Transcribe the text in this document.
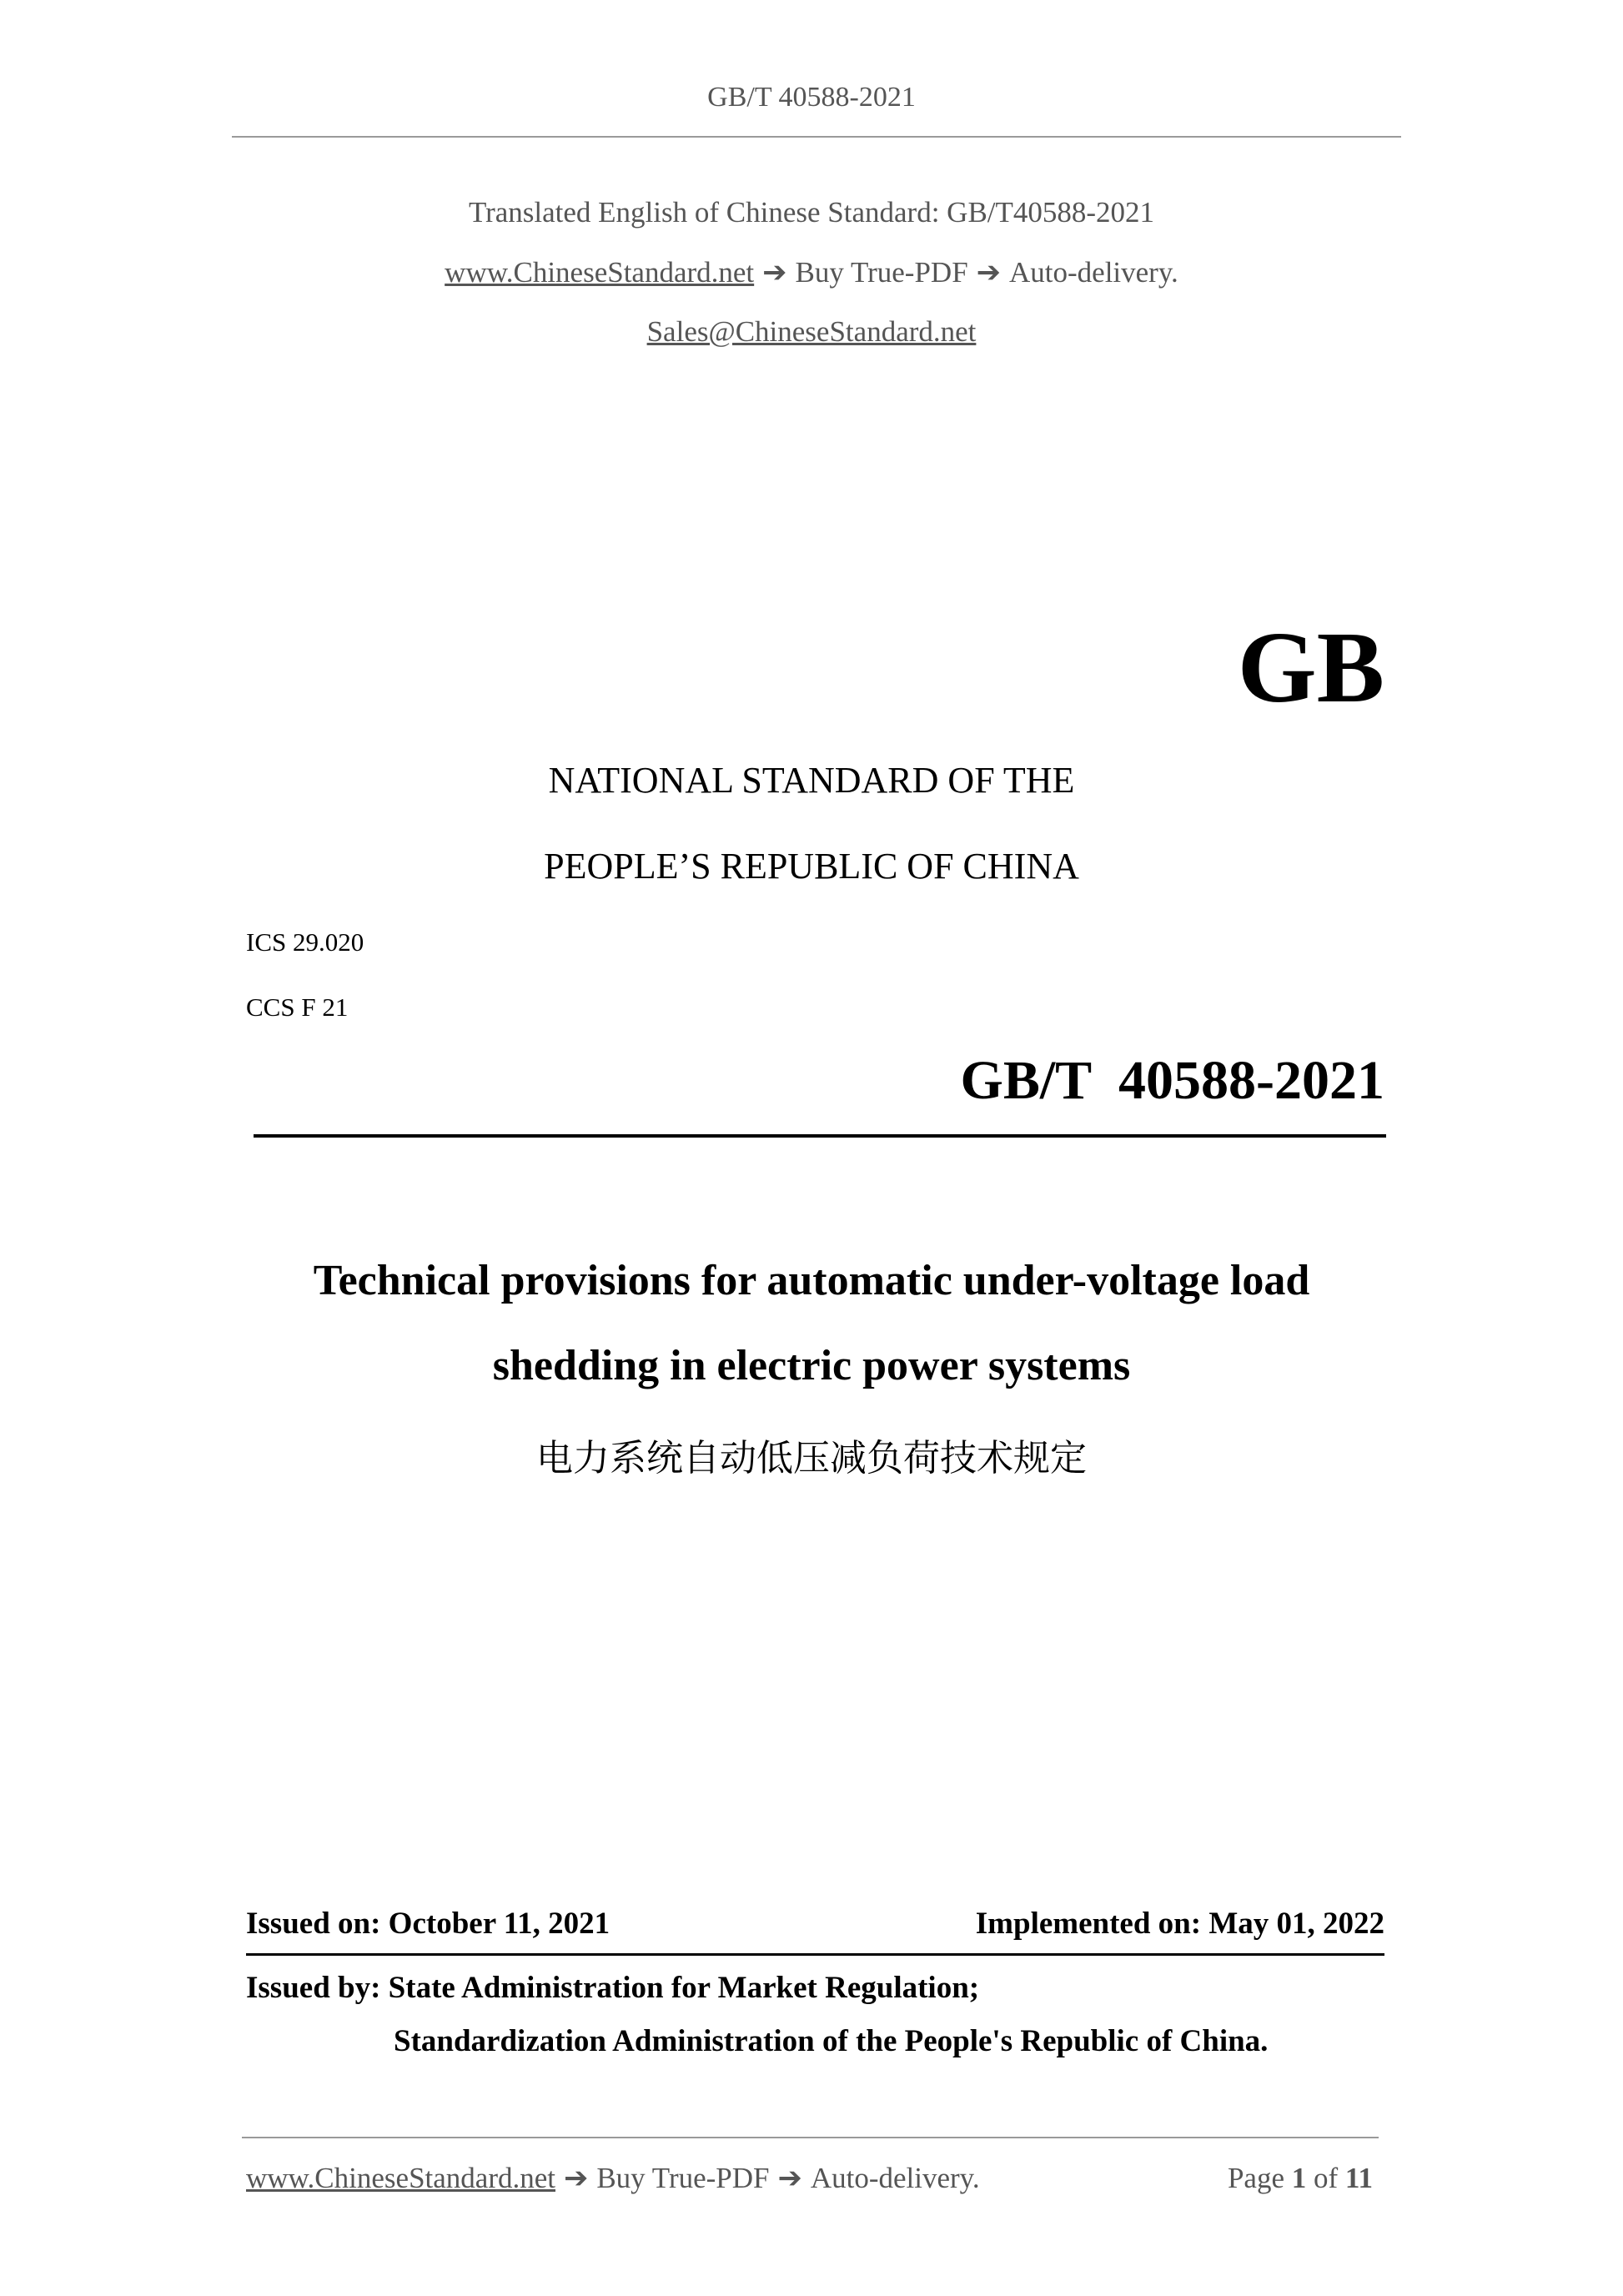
GB/T 40588-2021
Translated English of Chinese Standard: GB/T40588-2021
www.ChineseStandard.net ➔ Buy True-PDF ➔ Auto-delivery.
Sales@ChineseStandard.net
GB
NATIONAL STANDARD OF THE
PEOPLE’S REPUBLIC OF CHINA
ICS 29.020
CCS F 21
GB/T  40588-2021
Technical provisions for automatic under-voltage load
shedding in electric power systems
电力系统自动低压减负荷技术规定
Issued on: October 11, 2021	Implemented on: May 01, 2022
Issued by: State Administration for Market Regulation;
Standardization Administration of the People's Republic of China.
www.ChineseStandard.net ➔ Buy True-PDF ➔ Auto-delivery.	Page 1 of 11
